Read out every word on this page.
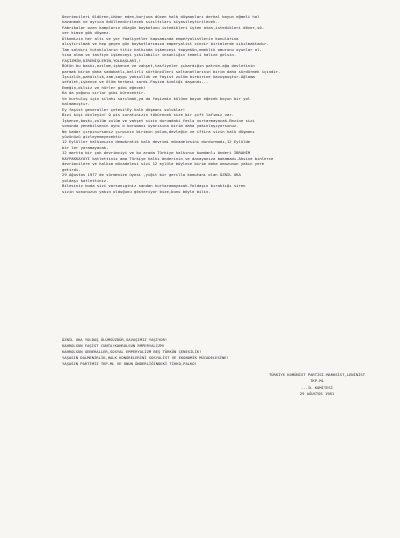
Devrimcileri öldüren,ihbar eden,burjuva düzen halk düşmanları derhal boyun eğmeli hal

kazanmak ve ayrıca ödüllendirilecek sızıltıları siyasileştirilecek..

Fabrikalar ozen kampların düzgün boykotunu istedikleri işten atan,istedikleri döver,sö-

ver kimse gök düşmez.

Ülkemizin her altı ve yer faaliyetler kapsamında emperyalistlerin konularına

alıştırılmak ve hep geçen gün boykotlarımıza emperyalist zincir birimlerde sıkılmaktadır.

Tam saldırı tutukluların titiz halkında işkenceyi topyekün,emeklik omurunu oyunlar al-

tına alma ve tasfiye işkenceyi yıkılabilir insanlığın temeli haline gelsin.

FAŞİZMİN,DİRENİŞLERİN,YOLDAŞLARI,!

Bütün bu baskı,ezilme,işkence ve vahşet,tasfiyeler çıkardığın patron-ağa devletinin

parmak birim daha sadakatlı,belirli sürtüncüleri saltanatlarının birim daha sürdürmek içindir.

İşsizlik,pahalılık,zam,saygı yoksulluk ve faşist zulüm birbirine kavuşmuştur.Ağlama

sefalet,işkence ve ölüm herkesi sardı.Faşizm kimliği daşandı...

Emeğin,dilsiz ve hürler gibi eğecek!

Ka da yoğunu sırlar gibi kürecektir.

Ve kurtuluş için silahı sarılmak,ya da faşizmin külüne boyun eğecek boyun bir yol

kalmamıştır.

Ey faşist generaller çetesi!Ey halk düşmanı soluklar!

Bizi kişi dinleyin! O pis suratınızın tükürecek size bir çift lafımız var.

İşkence,baskı,zulüm zulüm ve vahşet sizin durumdaki feslə vurtarmayacak.Emzine sizi

sonunda yenebilsenin aynı o korumanı uyarısına birim daha yakınlaşıyorsunuz.

Ne kadar çırpınırsanız çırpının birimin yolum,devleğin ve iftira sizin halk düşmanı

yüzünüzü gizleyemeyecektir.

12 Eylüller halkımızın demokratik halk devrimi mücadelesini durdurmadı,12 Eylülde

bir ler yaramayacak.

12 martta bir çok devrimciyi ve bu arada Türkiye halkının kumdanlı önderi İBRAHİM

KAYPAKKAYAYI katlettiniz ama Türkiye halkı önderinin ve davayanıza bakamadı.Aksine binlerce

devrimcilere ve halkım mücadelesi sizi 12 eylüle böylece birim daha omuzunun yakın yere

getirdi.

29 Ağustos 1977 de sürmenize üyesi ,yiğit bir gerilla komutanı olan ÖZNİL UKA

yoldaşı katlettiniz.

Bilesiniz buda sizi varsanıginiz sandan kurtaramayacak.Yoldaşın bıraktığı siren

sizin sonunuzun yakın olduğunu gösteriyor bize,bunu böyle bilin.

ÖZNİL UKA YOLDAŞ ÖLÜMSÜZDÜR,SAVAŞIMIZ YAŞIYOR!

KAHROLSUN FAŞİST CUNTA!KAHROLSUN EMPERYALİZM!

KAHROLSUN GENERALLER,SOSYAL EMPERYALİZM BEŞ TÜRKÜN ÇENESİLİK!

YAŞASIN DALMENİRLİK,HALK KONGRELERİNİ SOSYALİST VE EKONOMİK MÜCADELESİNE!

YAŞASIN PARTİMİZ TKP-ML VE ONUN ÖNDERLİĞİNDEKİ TİKKO,PALKO!

TÜRKİYE KOMÜNİST PARTİSİ-MARKSİST,LENİNİST

TKP-ML

...İL KOMİTESİ

29 AĞUSTOS 1981
